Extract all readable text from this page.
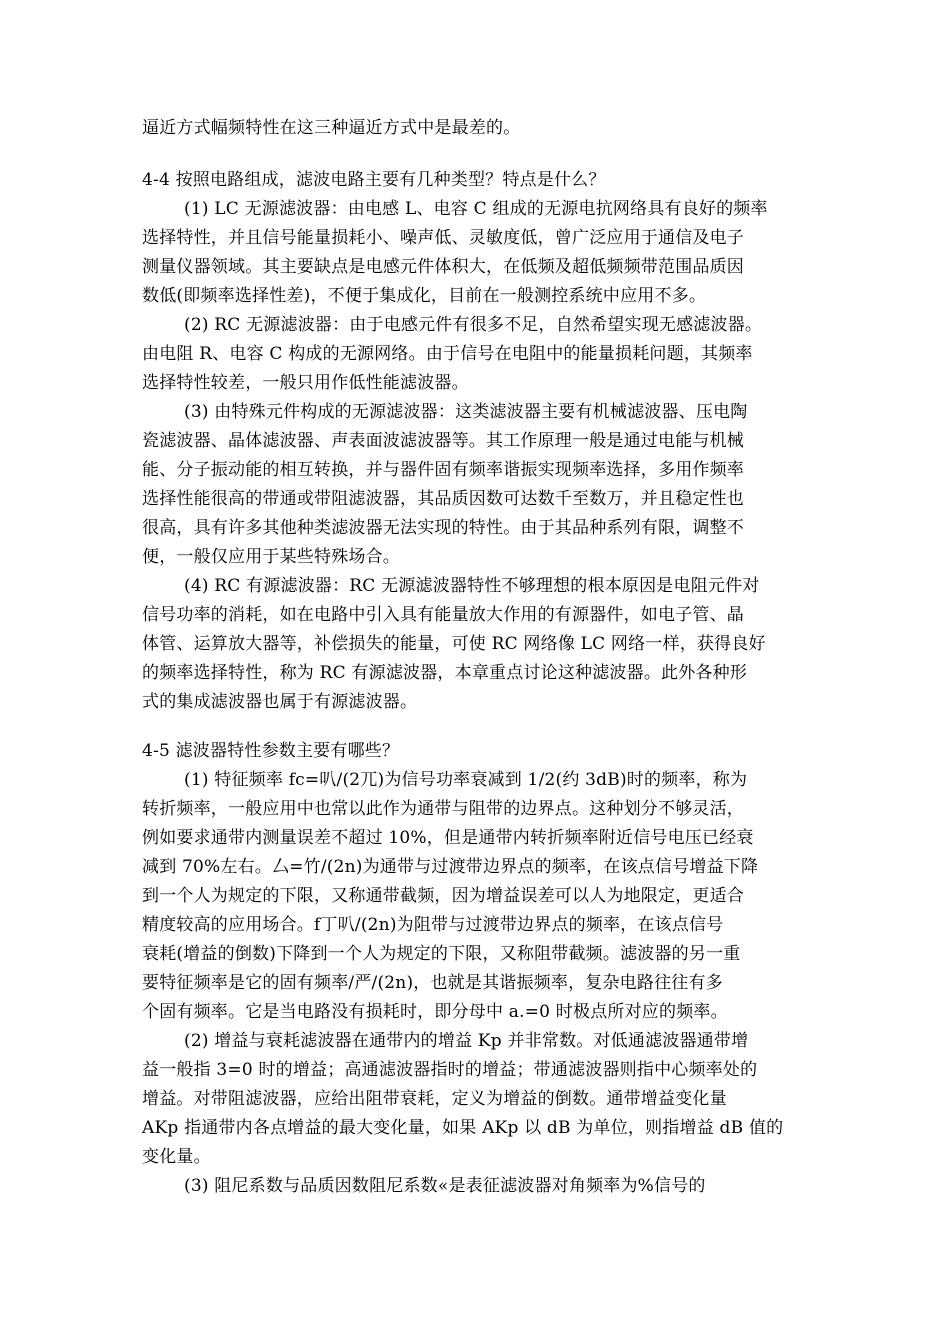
逼近方式幅频特性在这三种逼近方式中是最差的。
4-4 按照电路组成，滤波电路主要有几种类型？特点是什么？
(1) LC 无源滤波器：由电感 L、电容 C 组成的无源电抗网络具有良好的频率
选择特性，并且信号能量损耗小、噪声低、灵敏度低，曾广泛应用于通信及电子
测量仪器领域。其主要缺点是电感元件体积大，在低频及超低频频带范围品质因
数低(即频率选择性差)，不便于集成化，目前在一般测控系统中应用不多。
(2) RC 无源滤波器：由于电感元件有很多不足，自然希望实现无感滤波器。
由电阻 R、电容 C 构成的无源网络。由于信号在电阻中的能量损耗问题，其频率
选择特性较差，一般只用作低性能滤波器。
(3) 由特殊元件构成的无源滤波器：这类滤波器主要有机械滤波器、压电陶
瓷滤波器、晶体滤波器、声表面波滤波器等。其工作原理一般是通过电能与机械
能、分子振动能的相互转换，并与器件固有频率谐振实现频率选择，多用作频率
选择性能很高的带通或带阻滤波器，其品质因数可达数千至数万，并且稳定性也
很高，具有许多其他种类滤波器无法实现的特性。由于其品种系列有限，调整不
便，一般仅应用于某些特殊场合。
(4) RC 有源滤波器：RC 无源滤波器特性不够理想的根本原因是电阻元件对
信号功率的消耗，如在电路中引入具有能量放大作用的有源器件，如电子管、晶
体管、运算放大器等，补偿损失的能量，可使 RC 网络像 LC 网络一样，获得良好
的频率选择特性，称为 RC 有源滤波器，本章重点讨论这种滤波器。此外各种形
式的集成滤波器也属于有源滤波器。
4-5 滤波器特性参数主要有哪些？
(1) 特征频率 fc=叭/(2兀)为信号功率衰减到 1/2(约 3dB)时的频率，称为
转折频率，一般应用中也常以此作为通带与阻带的边界点。这种划分不够灵活，
例如要求通带内测量误差不超过 10%，但是通带内转折频率附近信号电压已经衰
减到 70%左右。厶=竹/(2n)为通带与过渡带边界点的频率，在该点信号增益下降
到一个人为规定的下限，又称通带截频，因为增益误差可以人为地限定，更适合
精度较高的应用场合。f丁叭/(2n)为阻带与过渡带边界点的频率，在该点信号
衰耗(增益的倒数)下降到一个人为规定的下限，又称阻带截频。滤波器的另一重
要特征频率是它的固有频率/严/(2n)，也就是其谐振频率，复杂电路往往有多
个固有频率。它是当电路没有损耗时，即分母中 a.=0 时极点所对应的频率。
(2) 增益与衰耗滤波器在通带内的增益 Kp 并非常数。对低通滤波器通带增
益一般指 3=0 时的增益；高通滤波器指时的增益；带通滤波器则指中心频率处的
增益。对带阻滤波器，应给出阻带衰耗，定义为增益的倒数。通带增益变化量
AKp 指通带内各点增益的最大变化量，如果 AKp 以 dB 为单位，则指增益 dB 值的
变化量。
(3) 阻尼系数与品质因数阻尼系数«是表征滤波器对角频率为%信号的
